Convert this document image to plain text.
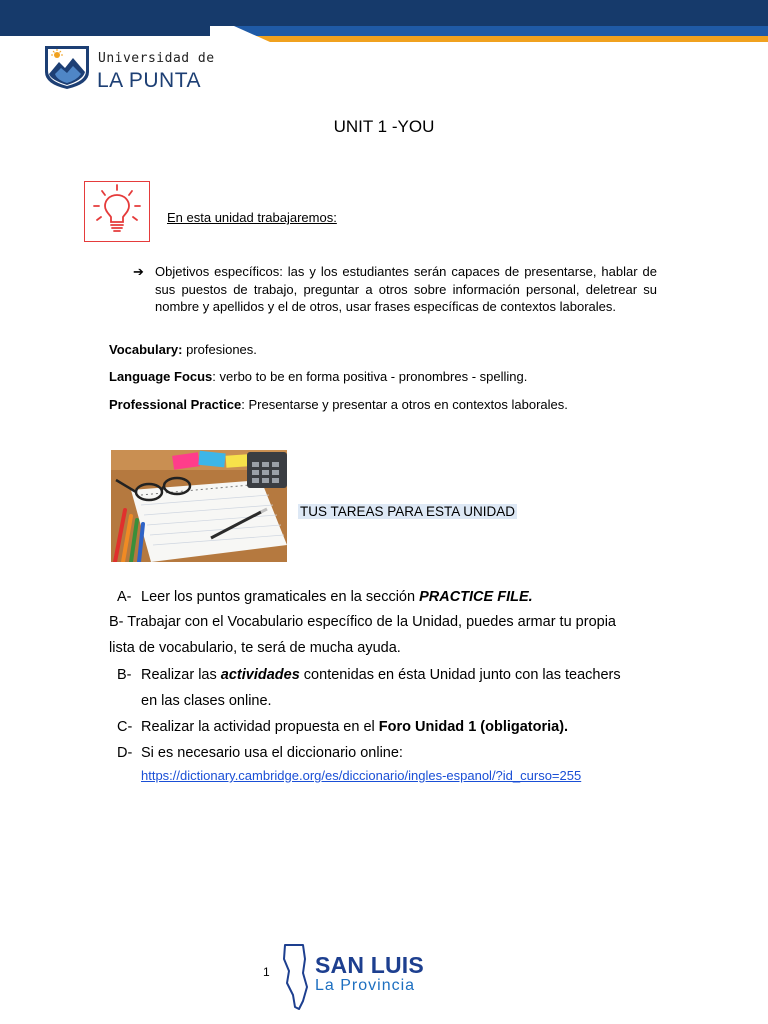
Universidad de
LA PUNTA
UNIT 1 -YOU
En esta unidad trabajaremos:
➔ Objetivos específicos: las y los estudiantes serán capaces de presentarse, hablar de sus puestos de trabajo, preguntar a otros sobre información personal, deletrear su nombre y apellidos y el de otros, usar frases específicas de contextos laborales.
Vocabulary: profesiones.
Language Focus: verbo to be en forma positiva - pronombres - spelling.
Professional Practice: Presentarse y presentar a otros en contextos laborales.
TUS TAREAS PARA ESTA UNIDAD
A- Leer los puntos gramaticales en la sección PRACTICE FILE.
B- Trabajar con el Vocabulario específico de la Unidad, puedes armar tu propia
lista de vocabulario, te será de mucha ayuda.
B- Realizar las actividades contenidas en ésta Unidad junto con las teachers
en las clases online.
C- Realizar la actividad propuesta en el Foro Unidad 1 (obligatoria).
D- Si es necesario usa el diccionario online:
https://dictionary.cambridge.org/es/diccionario/ingles-espanol/?id_curso=255
1 SAN LUIS
La Provincia
